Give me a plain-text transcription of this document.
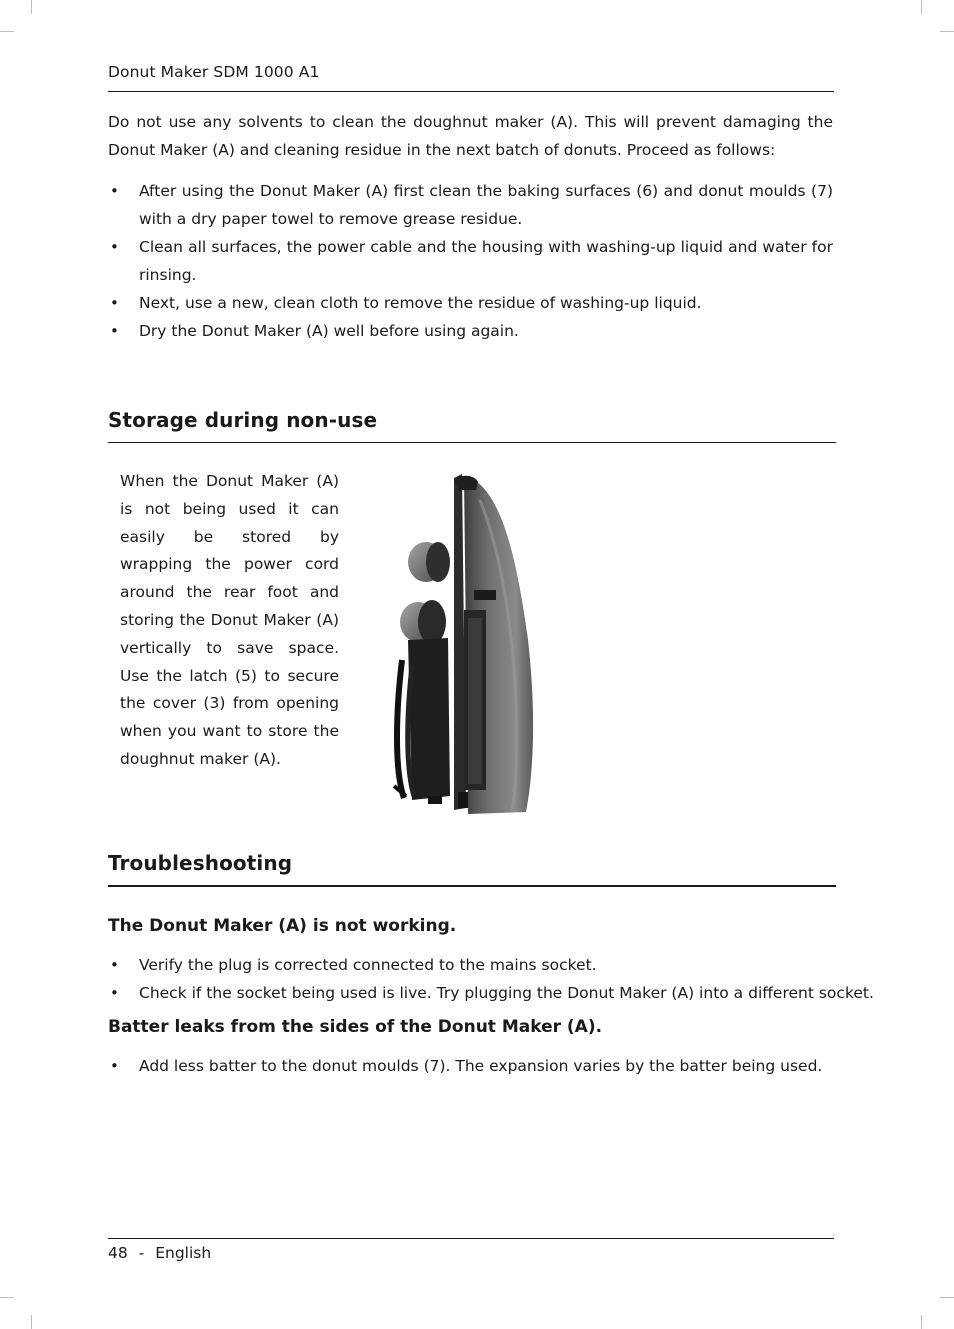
Donut Maker SDM 1000 A1
Do not use any solvents to clean the doughnut maker (A). This will prevent damaging the Donut Maker (A) and cleaning residue in the next batch of donuts. Proceed as follows:
• After using the Donut Maker (A) first clean the baking surfaces (6) and donut moulds (7) with a dry paper towel to remove grease residue.
• Clean all surfaces, the power cable and the housing with washing-up liquid and water for rinsing.
• Next, use a new, clean cloth to remove the residue of washing-up liquid.
• Dry the Donut Maker (A) well before using again.
Storage during non-use
When the Donut Maker (A) is not being used it can easily be stored by wrapping the power cord around the rear foot and storing the Donut Maker (A) vertically to save space. Use the latch (5) to secure the cover (3) from opening when you want to store the doughnut maker (A).
Troubleshooting
The Donut Maker (A) is not working.
• Verify the plug is corrected connected to the mains socket.
• Check if the socket being used is live. Try plugging the Donut Maker (A) into a different socket.
Batter leaks from the sides of the Donut Maker (A).
• Add less batter to the donut moulds (7). The expansion varies by the batter being used.
48 - English
